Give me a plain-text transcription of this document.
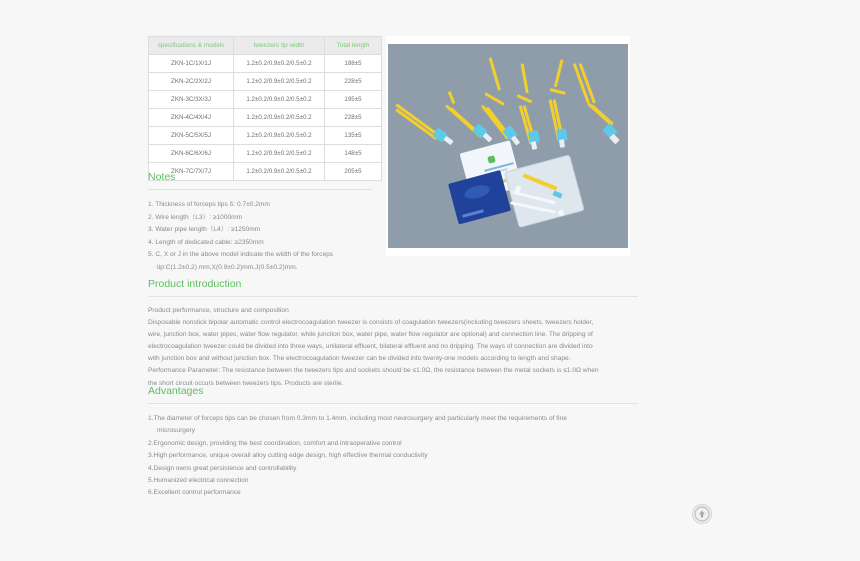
specifications & models	tweezers tip width	Total length
ZKN-1C/1X/1J	1.2±0.2/0.9±0.2/0.5±0.2	188±5
ZKN-2C/2X/2J	1.2±0.2/0.9±0.2/0.5±0.2	228±5
ZKN-3C/3X/3J	1.2±0.2/0.9±0.2/0.5±0.2	195±5
ZKN-4C/4X/4J	1.2±0.2/0.9±0.2/0.5±0.2	228±5
ZKN-5C/5X/5J	1.2±0.2/0.9±0.2/0.5±0.2	135±5
ZKN-6C/6X/6J	1.2±0.2/0.9±0.2/0.5±0.2	148±5
ZKN-7C/7X/7J	1.2±0.2/0.9±0.2/0.5±0.2	205±5
Notes
1. Thickness of forceps tips δ: 0.7±0.2mm
2. Wire length（L3）: ≥1000mm
3. Water pipe length（L4）: ≥1250mm
4. Length of dedicated cable: ≥2350mm
5. C, X or J in the above model indicate the width of the forceps
tip:C(1.2±0.2) mm,X(0.9±0.2)mm,J(0.5±0.2)mm.
Product introduction

Product performance, structure and composition
Disposable nonstick bipolar automatic control electrocoagulation tweezer is consists of coagulation tweezers(including tweezers sheets, tweezers holder,
wire, junction box, water pipes, water flow regulator, while junction box, water pipe, water flow regulator are optional) and connection line. The dripping of
electrocoagulation tweezer could be divided into three ways, unilateral effluent, bilateral effluent and no dripping. The ways of connection are divided into
with junction box and without junction box. The electrocoagulation tweezer can be divided into twenty-one models according to length and shape.
Performance Parameter: The resistance between the tweezers tips and sockets should be ≤1.0Ω, the resistance between the metal sockets is ≤1.0Ω when
the short circuit occurs between tweezers tips. Products are sterile.

Advantages
1.The diameter of forceps tips can be chosen from 0.3mm to 1.4mm, including most neurosurgery and particularly meet the requirements of fine
microsurgery
2.Ergonomic design, providing the best coordination, comfort and intraoperative control
3.High performance, unique overall alloy cutting edge design, high effective thermal conductivity
4.Design owns great persistence and controllability
5.Humanized electrical connection
6.Excellent control performance
